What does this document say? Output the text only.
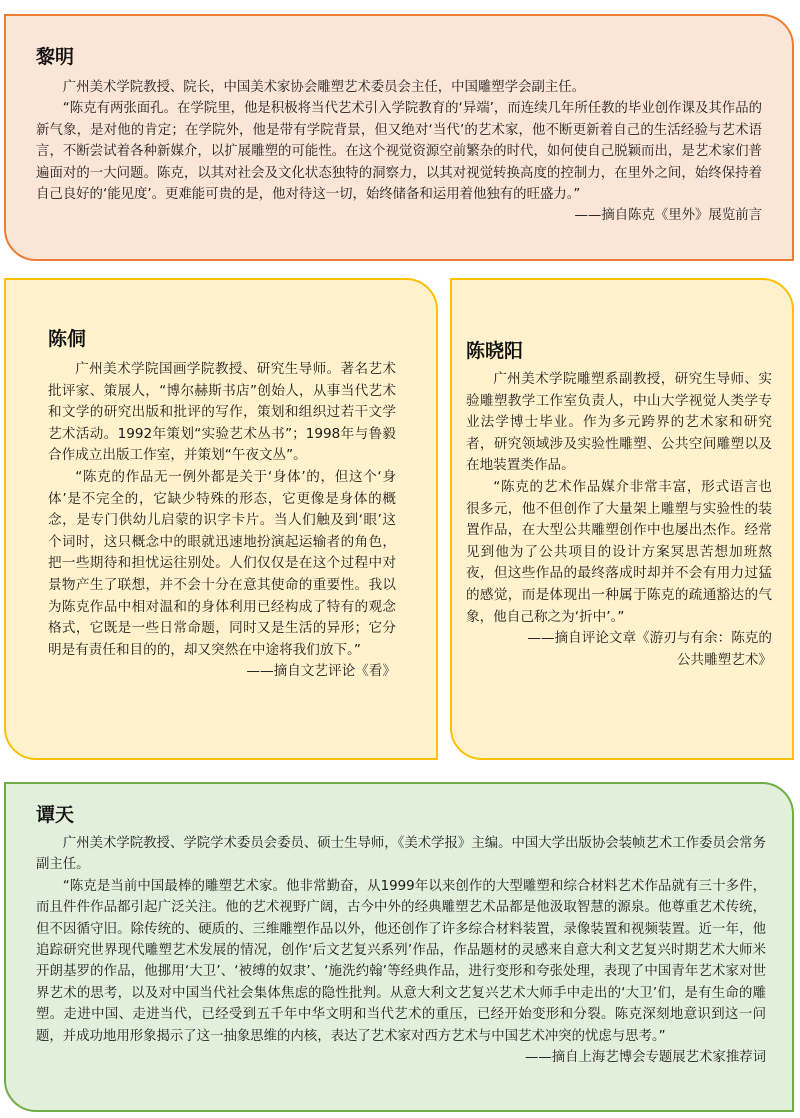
黎明

广州美术学院教授、院长，中国美术家协会雕塑艺术委员会主任，中国雕塑学会副主任。

“陈克有两张面孔。在学院里，他是积极将当代艺术引入学院教育的‘异端’，而连续几年所任教的毕业创作课及其作品的新气象，是对他的肯定；在学院外，他是带有学院背景，但又绝对‘当代’的艺术家，他不断更新着自己的生活经验与艺术语言，不断尝试着各种新媒介，以扩展雕塑的可能性。在这个视觉资源空前繁杂的时代，如何使自己脱颖而出，是艺术家们普遍面对的一大问题。陈克，以其对社会及文化状态独特的洞察力，以其对视觉转换高度的控制力，在里外之间，始终保持着自己良好的‘能见度’。更难能可贵的是，他对待这一切，始终储备和运用着他独有的旺盛力。”

——摘自陈克《里外》展览前言

陈侗

广州美术学院国画学院教授、研究生导师。著名艺术批评家、策展人，“博尔赫斯书店”创始人，从事当代艺术和文学的研究出版和批评的写作，策划和组织过若干文学艺术活动。1992年策划“实验艺术丛书”；1998年与鲁毅合作成立出版工作室，并策划“午夜文丛”。

“陈克的作品无一例外都是关于‘身体’的，但这个‘身体’是不完全的，它缺少特殊的形态，它更像是身体的概念，是专门供幼儿启蒙的识字卡片。当人们触及到‘眼’这个词时，这只概念中的眼就迅速地扮演起运输者的角色，把一些期待和担忧运往别处。人们仅仅是在这个过程中对景物产生了联想，并不会十分在意其使命的重要性。我以为陈克作品中相对温和的身体利用已经构成了特有的观念格式，它既是一些日常命题，同时又是生活的异形；它分明是有责任和目的的，却又突然在中途将我们放下。”

——摘自文艺评论《看》

陈晓阳

广州美术学院雕塑系副教授，研究生导师、实验雕塑教学工作室负责人，中山大学视觉人类学专业法学博士毕业。作为多元跨界的艺术家和研究者，研究领域涉及实验性雕塑、公共空间雕塑以及在地装置类作品。

“陈克的艺术作品媒介非常丰富，形式语言也很多元，他不但创作了大量架上雕塑与实验性的装置作品，在大型公共雕塑创作中也屡出杰作。经常见到他为了公共项目的设计方案冥思苦想加班熬夜，但这些作品的最终落成时却并不会有用力过猛的感觉，而是体现出一种属于陈克的疏通豁达的气象，他自己称之为‘折中’。”

——摘自评论文章《游刃与有余：陈克的

公共雕塑艺术》

谭天

广州美术学院教授、学院学术委员会委员、硕士生导师，《美术学报》主编。中国大学出版协会装帧艺术工作委员会常务副主任。

“陈克是当前中国最棒的雕塑艺术家。他非常勤奋，从1999年以来创作的大型雕塑和综合材料艺术作品就有三十多件，而且件件作品都引起广泛关注。他的艺术视野广阔，古今中外的经典雕塑艺术品都是他汲取智慧的源泉。他尊重艺术传统，但不因循守旧。除传统的、硬质的、三维雕塑作品以外，他还创作了许多综合材料装置，录像装置和视频装置。近一年，他追踪研究世界现代雕塑艺术发展的情况，创作‘后文艺复兴系列’作品，作品题材的灵感来自意大利文艺复兴时期艺术大师米开朗基罗的作品，他挪用‘大卫’、‘被缚的奴隶’、‘施洗约翰’等经典作品，进行变形和夸张处理，表现了中国青年艺术家对世界艺术的思考，以及对中国当代社会集体焦虑的隐性批判。从意大利文艺复兴艺术大师手中走出的‘大卫’们，是有生命的雕塑。走进中国、走进当代，已经受到五千年中华文明和当代艺术的重压，已经开始变形和分裂。陈克深刻地意识到这一问题，并成功地用形象揭示了这一抽象思维的内核，表达了艺术家对西方艺术与中国艺术冲突的忧虑与思考。”

——摘自上海艺博会专题展艺术家推荐词
